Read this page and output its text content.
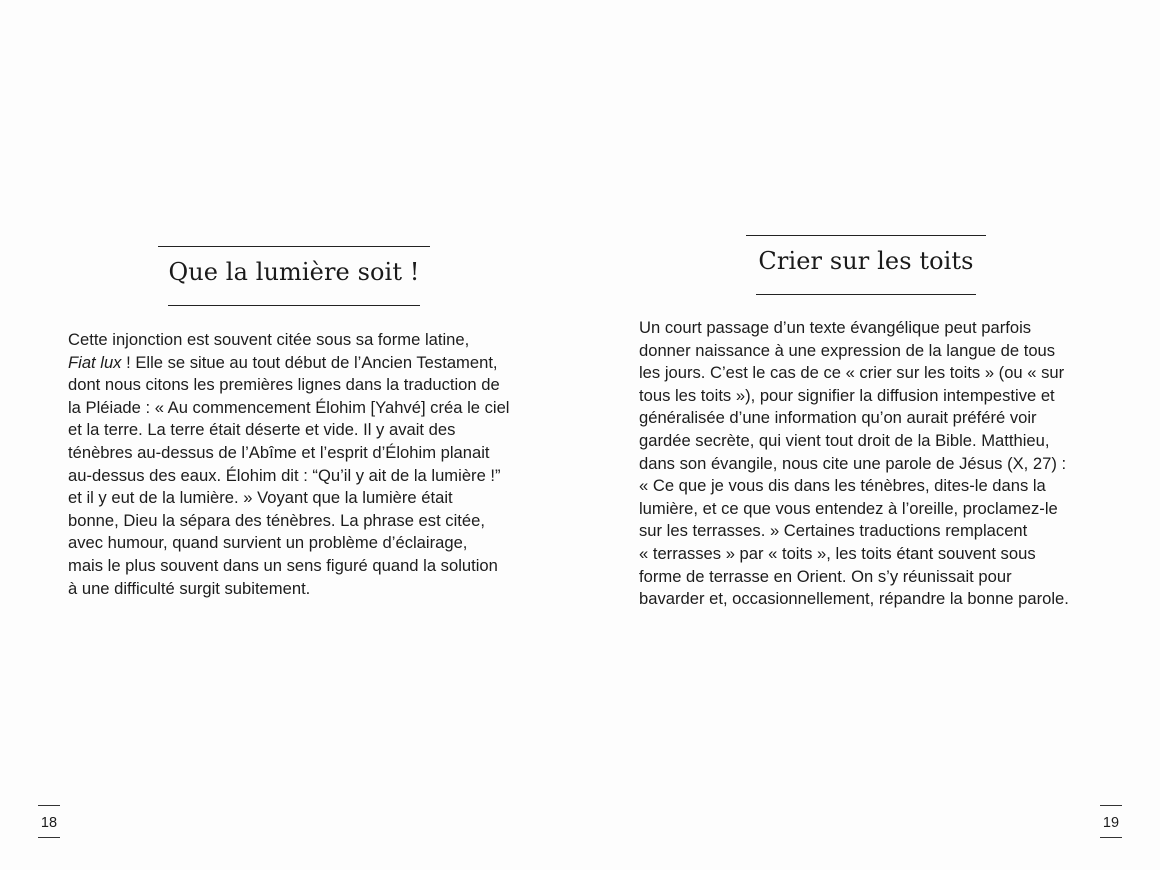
Que la lumière soit !
Cette injonction est souvent citée sous sa forme latine,
Fiat lux ! Elle se situe au tout début de l’Ancien Testament,
dont nous citons les premières lignes dans la traduction de
la Pléiade : « Au commencement Élohim [Yahvé] créa le ciel
et la terre. La terre était déserte et vide. Il y avait des
ténèbres au-dessus de l’Abîme et l’esprit d’Élohim planait
au-dessus des eaux. Élohim dit : “Qu’il y ait de la lumière !”
et il y eut de la lumière. » Voyant que la lumière était
bonne, Dieu la sépara des ténèbres. La phrase est citée,
avec humour, quand survient un problème d’éclairage,
mais le plus souvent dans un sens figuré quand la solution
à une difficulté surgit subitement.
18
Crier sur les toits
Un court passage d’un texte évangélique peut parfois
donner naissance à une expression de la langue de tous
les jours. C’est le cas de ce « crier sur les toits » (ou « sur
tous les toits »), pour signifier la diffusion intempestive et
généralisée d’une information qu’on aurait préféré voir
gardée secrète, qui vient tout droit de la Bible. Matthieu,
dans son évangile, nous cite une parole de Jésus (X, 27) :
« Ce que je vous dis dans les ténèbres, dites-le dans la
lumière, et ce que vous entendez à l’oreille, proclamez-le
sur les terrasses. » Certaines traductions remplacent
« terrasses » par « toits », les toits étant souvent sous
forme de terrasse en Orient. On s’y réunissait pour
bavarder et, occasionnellement, répandre la bonne parole.
19
